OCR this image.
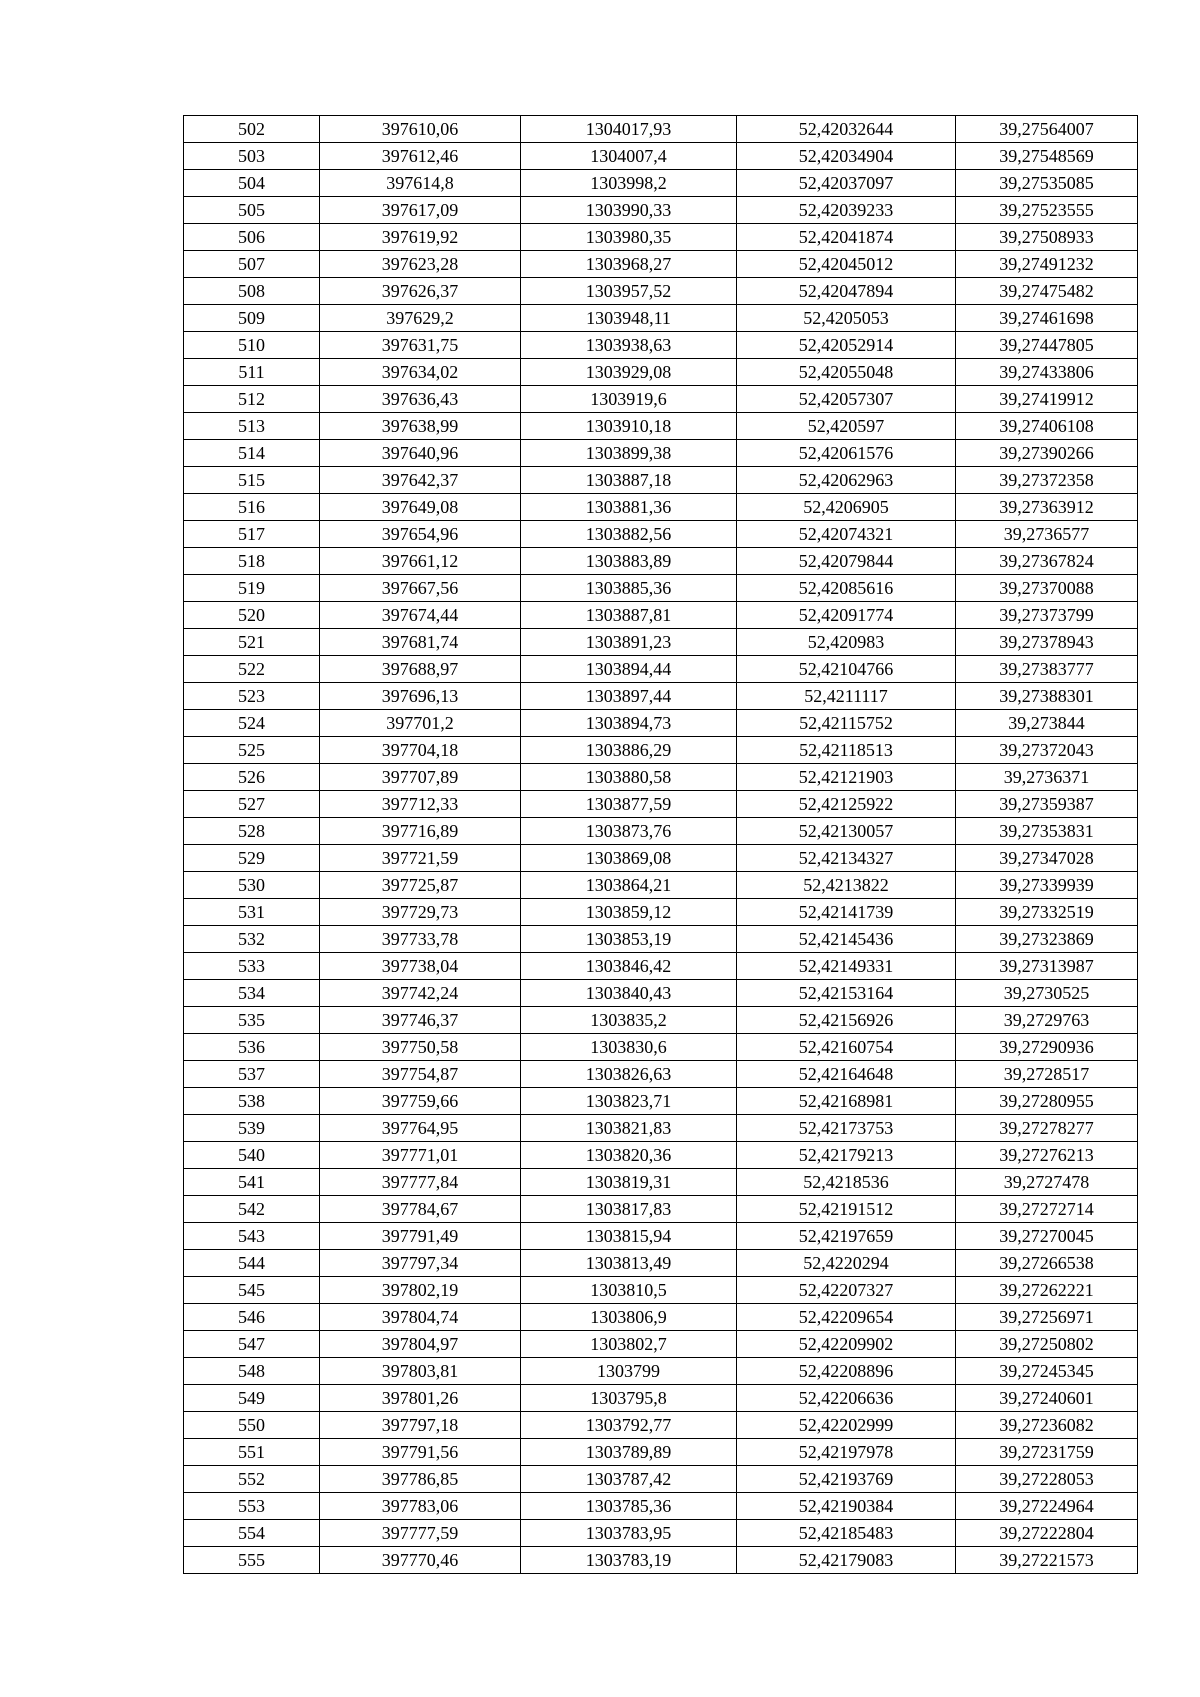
502	397610,06	1304017,93	52,42032644	39,27564007
503	397612,46	1304007,4	52,42034904	39,27548569
504	397614,8	1303998,2	52,42037097	39,27535085
505	397617,09	1303990,33	52,42039233	39,27523555
506	397619,92	1303980,35	52,42041874	39,27508933
507	397623,28	1303968,27	52,42045012	39,27491232
508	397626,37	1303957,52	52,42047894	39,27475482
509	397629,2	1303948,11	52,4205053	39,27461698
510	397631,75	1303938,63	52,42052914	39,27447805
511	397634,02	1303929,08	52,42055048	39,27433806
512	397636,43	1303919,6	52,42057307	39,27419912
513	397638,99	1303910,18	52,420597	39,27406108
514	397640,96	1303899,38	52,42061576	39,27390266
515	397642,37	1303887,18	52,42062963	39,27372358
516	397649,08	1303881,36	52,4206905	39,27363912
517	397654,96	1303882,56	52,42074321	39,2736577
518	397661,12	1303883,89	52,42079844	39,27367824
519	397667,56	1303885,36	52,42085616	39,27370088
520	397674,44	1303887,81	52,42091774	39,27373799
521	397681,74	1303891,23	52,420983	39,27378943
522	397688,97	1303894,44	52,42104766	39,27383777
523	397696,13	1303897,44	52,4211117	39,27388301
524	397701,2	1303894,73	52,42115752	39,273844
525	397704,18	1303886,29	52,42118513	39,27372043
526	397707,89	1303880,58	52,42121903	39,2736371
527	397712,33	1303877,59	52,42125922	39,27359387
528	397716,89	1303873,76	52,42130057	39,27353831
529	397721,59	1303869,08	52,42134327	39,27347028
530	397725,87	1303864,21	52,4213822	39,27339939
531	397729,73	1303859,12	52,42141739	39,27332519
532	397733,78	1303853,19	52,42145436	39,27323869
533	397738,04	1303846,42	52,42149331	39,27313987
534	397742,24	1303840,43	52,42153164	39,2730525
535	397746,37	1303835,2	52,42156926	39,2729763
536	397750,58	1303830,6	52,42160754	39,27290936
537	397754,87	1303826,63	52,42164648	39,2728517
538	397759,66	1303823,71	52,42168981	39,27280955
539	397764,95	1303821,83	52,42173753	39,27278277
540	397771,01	1303820,36	52,42179213	39,27276213
541	397777,84	1303819,31	52,4218536	39,2727478
542	397784,67	1303817,83	52,42191512	39,27272714
543	397791,49	1303815,94	52,42197659	39,27270045
544	397797,34	1303813,49	52,4220294	39,27266538
545	397802,19	1303810,5	52,42207327	39,27262221
546	397804,74	1303806,9	52,42209654	39,27256971
547	397804,97	1303802,7	52,42209902	39,27250802
548	397803,81	1303799	52,42208896	39,27245345
549	397801,26	1303795,8	52,42206636	39,27240601
550	397797,18	1303792,77	52,42202999	39,27236082
551	397791,56	1303789,89	52,42197978	39,27231759
552	397786,85	1303787,42	52,42193769	39,27228053
553	397783,06	1303785,36	52,42190384	39,27224964
554	397777,59	1303783,95	52,42185483	39,27222804
555	397770,46	1303783,19	52,42179083	39,27221573
